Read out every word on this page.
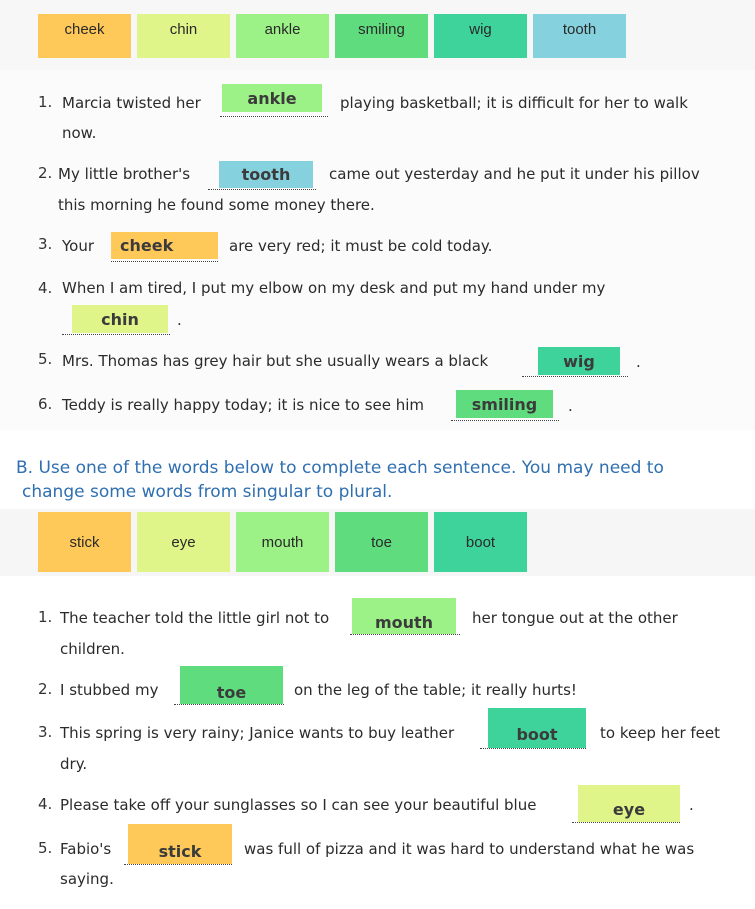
cheek	chin	ankle	smiling	wig	tooth
1. Marcia twisted her	ankle	playing basketball; it is difficult for her to walk
now.
2. My little brother's	tooth	came out yesterday and he put it under his pillov
this morning he found some money there.
3. Your	cheek	are very red; it must be cold today.
4. When I am tired, I put my elbow on my desk and put my hand under my
chin	.
5. Mrs. Thomas has grey hair but she usually wears a black	wig	.
6. Teddy is really happy today; it is nice to see him	smiling	.
B. Use one of the words below to complete each sentence. You may need to
change some words from singular to plural.
stick	eye	mouth	toe	boot
1. The teacher told the little girl not to	mouth	her tongue out at the other
children.
2. I stubbed my	toe	on the leg of the table; it really hurts!
3. This spring is very rainy; Janice wants to buy leather	boot	to keep her feet
dry.
4. Please take off your sunglasses so I can see your beautiful blue	eye	.
5. Fabio's	stick	was full of pizza and it was hard to understand what he was
saying.
